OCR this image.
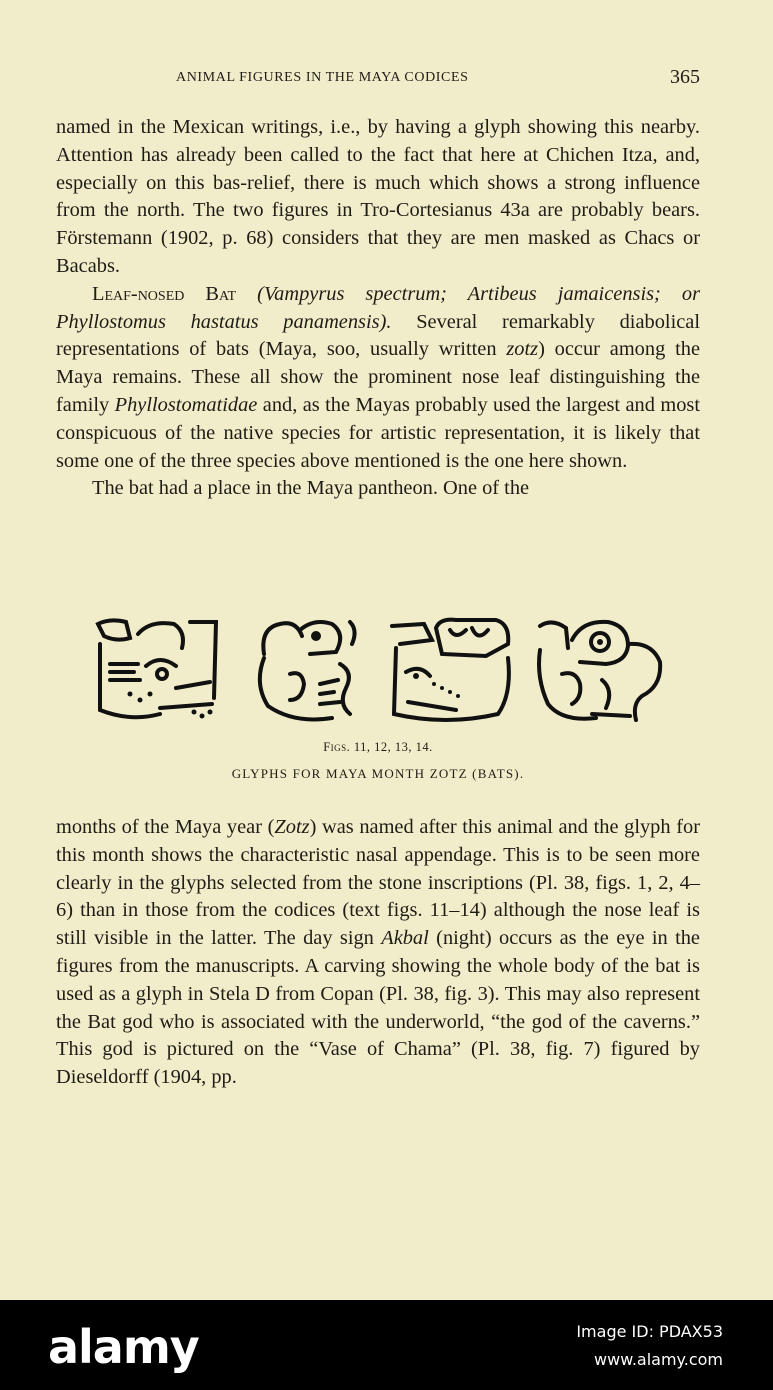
ANIMAL FIGURES IN THE MAYA CODICES	365

named in the Mexican writings, i.e., by having a glyph showing this nearby. Attention has already been called to the fact that here at Chichen Itza, and, especially on this bas-relief, there is much which shows a strong influence from the north. The two figures in Tro-Cortesianus 43a are probably bears. Förstemann (1902, p. 68) considers that they are men masked as Chacs or Bacabs.

Leaf-nosed Bat (Vampyrus spectrum; Artibeus jamaicensis; or Phyllostomus hastatus panamensis). Several remarkably diabolical representations of bats (Maya, soo, usually written zotz) occur among the Maya remains. These all show the prominent nose leaf distinguishing the family Phyllostomatidae and, as the Mayas probably used the largest and most conspicuous of the native species for artistic representation, it is likely that some one of the three species above mentioned is the one here shown.

The bat had a place in the Maya pantheon. One of the

Figs. 11, 12, 13, 14.
GLYPHS FOR MAYA MONTH ZOTZ (BATS).

months of the Maya year (Zotz) was named after this animal and the glyph for this month shows the characteristic nasal appendage. This is to be seen more clearly in the glyphs selected from the stone inscriptions (Pl. 38, figs. 1, 2, 4–6) than in those from the codices (text figs. 11–14) although the nose leaf is still visible in the latter. The day sign Akbal (night) occurs as the eye in the figures from the manuscripts. A carving showing the whole body of the bat is used as a glyph in Stela D from Copan (Pl. 38, fig. 3). This may also represent the Bat god who is associated with the underworld, “the god of the caverns.” This god is pictured on the “Vase of Chama” (Pl. 38, fig. 7) figured by Dieseldorff (1904, pp.

alamy	Image ID: PDAX53
www.alamy.com
